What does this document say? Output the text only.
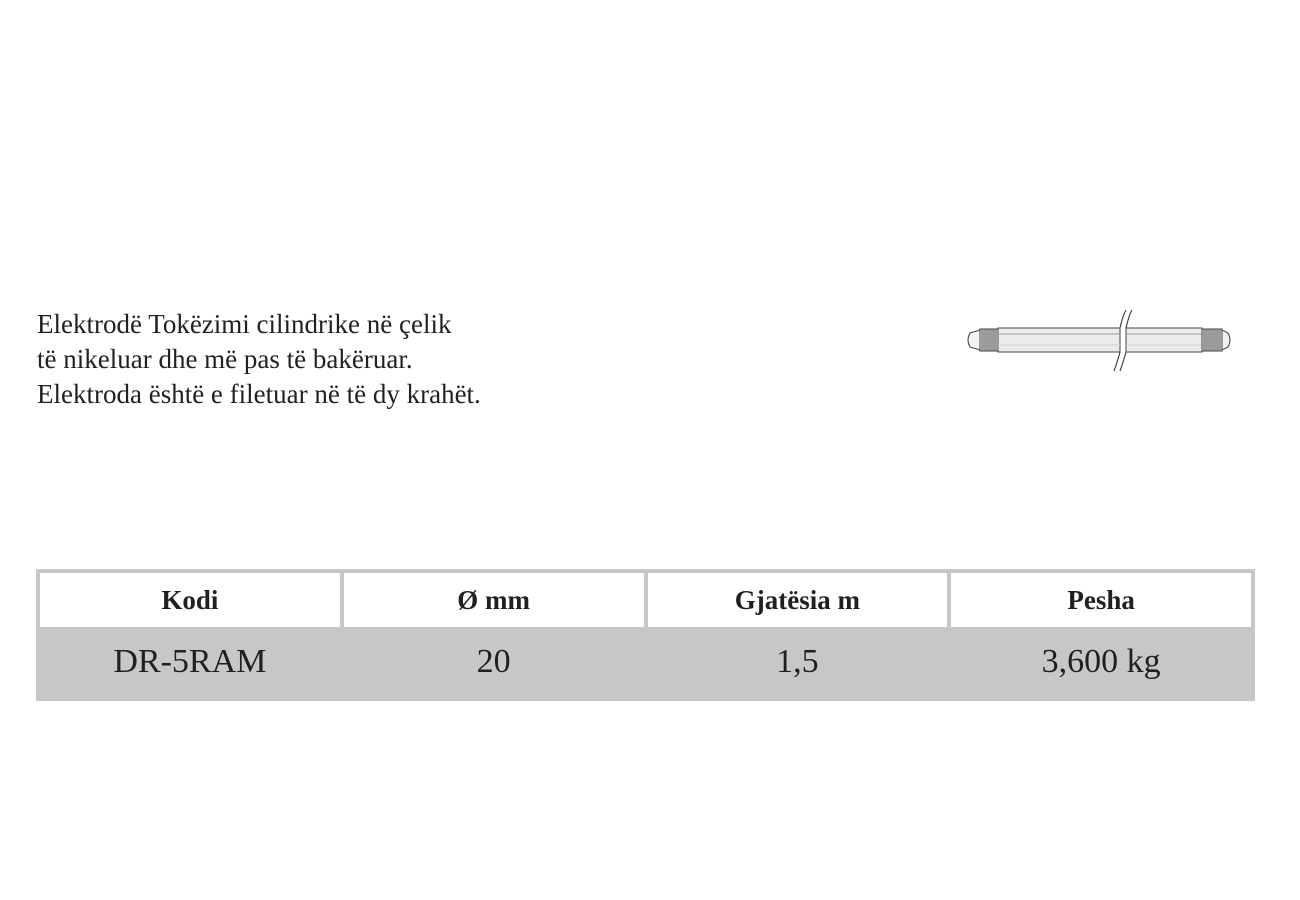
Elektrodë Tokëzimi cilindrike në çelik
të nikeluar dhe më pas të bakëruar.
Elektroda është e filetuar në të dy krahët.
Kodi	Ø mm	Gjatësia m	Pesha
DR-5RAM	20	1,5	3,600 kg
